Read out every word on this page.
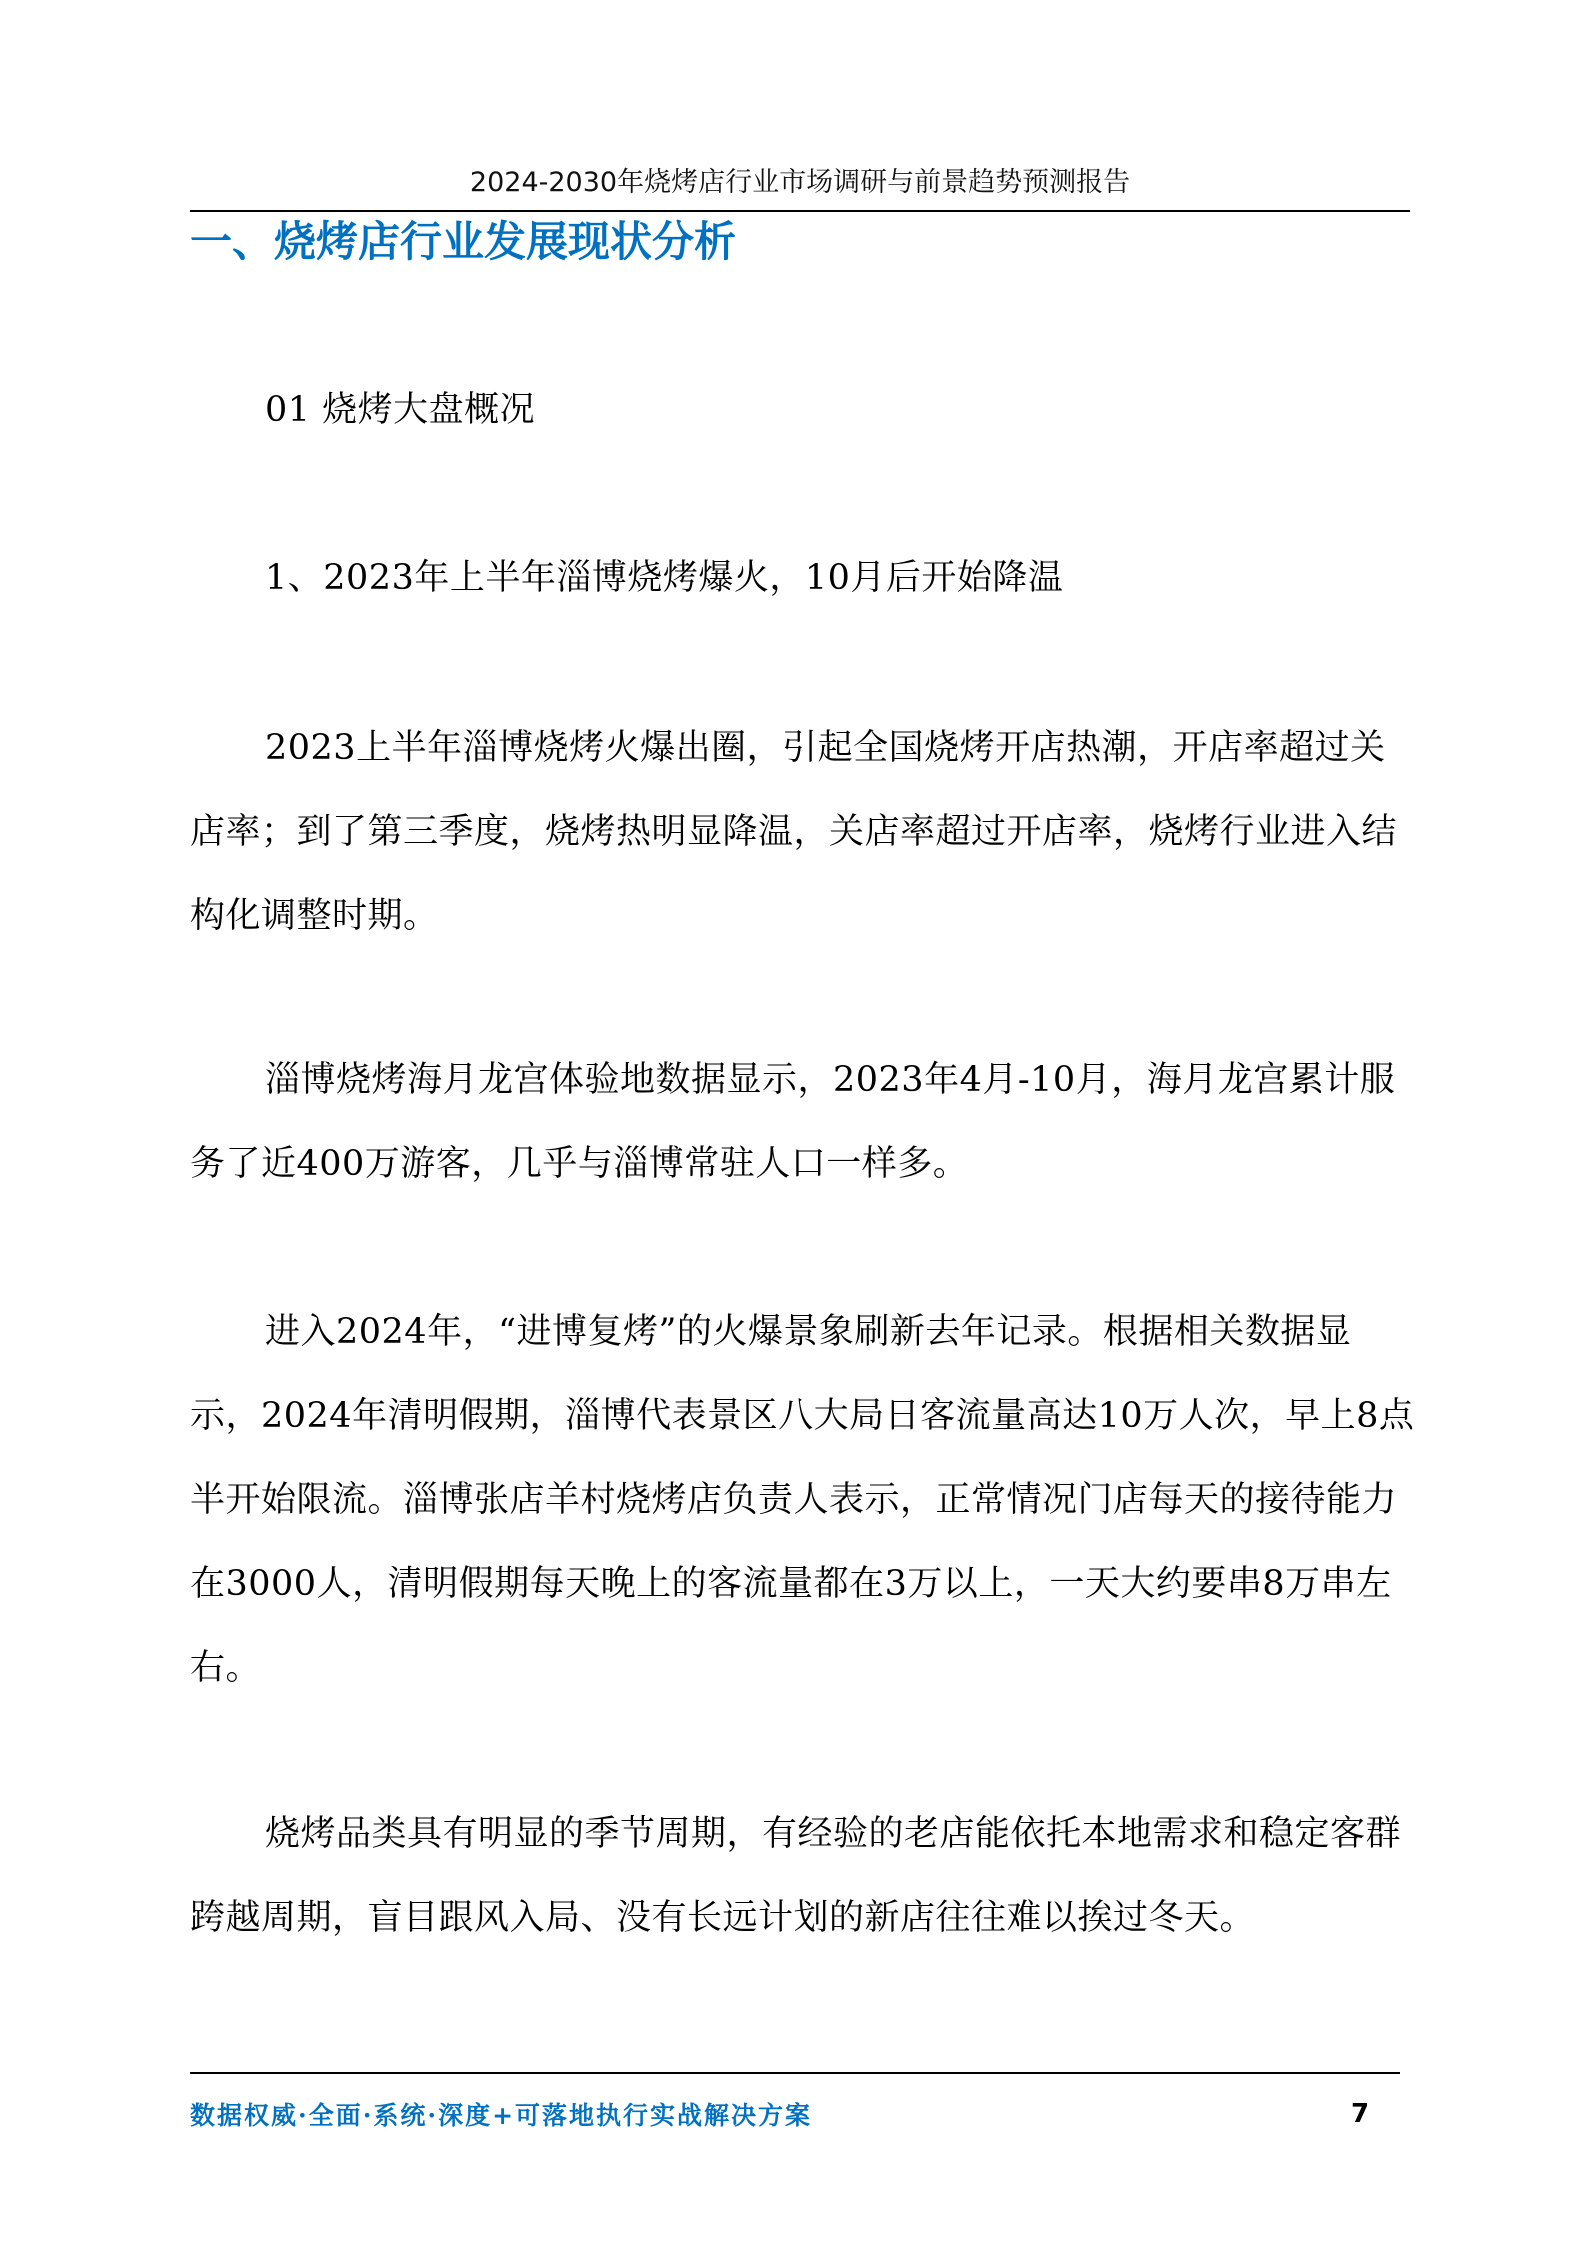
2024-2030年烧烤店行业市场调研与前景趋势预测报告
一、烧烤店行业发展现状分析

01 烧烤大盘概况

1、2023年上半年淄博烧烤爆火，10月后开始降温

2023上半年淄博烧烤火爆出圈，引起全国烧烤开店热潮，开店率超过关店率；到了第三季度，烧烤热明显降温，关店率超过开店率，烧烤行业进入结构化调整时期。

淄博烧烤海月龙宫体验地数据显示，2023年4月-10月，海月龙宫累计服务了近400万游客，几乎与淄博常驻人口一样多。

进入2024年，“进博复烤”的火爆景象刷新去年记录。根据相关数据显示，2024年清明假期，淄博代表景区八大局日客流量高达10万人次，早上8点半开始限流。淄博张店羊村烧烤店负责人表示，正常情况门店每天的接待能力在3000人，清明假期每天晚上的客流量都在3万以上，一天大约要串8万串左右。

烧烤品类具有明显的季节周期，有经验的老店能依托本地需求和稳定客群跨越周期，盲目跟风入局、没有长远计划的新店往往难以挨过冬天。

数据权威·全面·系统·深度+可落地执行实战解决方案	7
